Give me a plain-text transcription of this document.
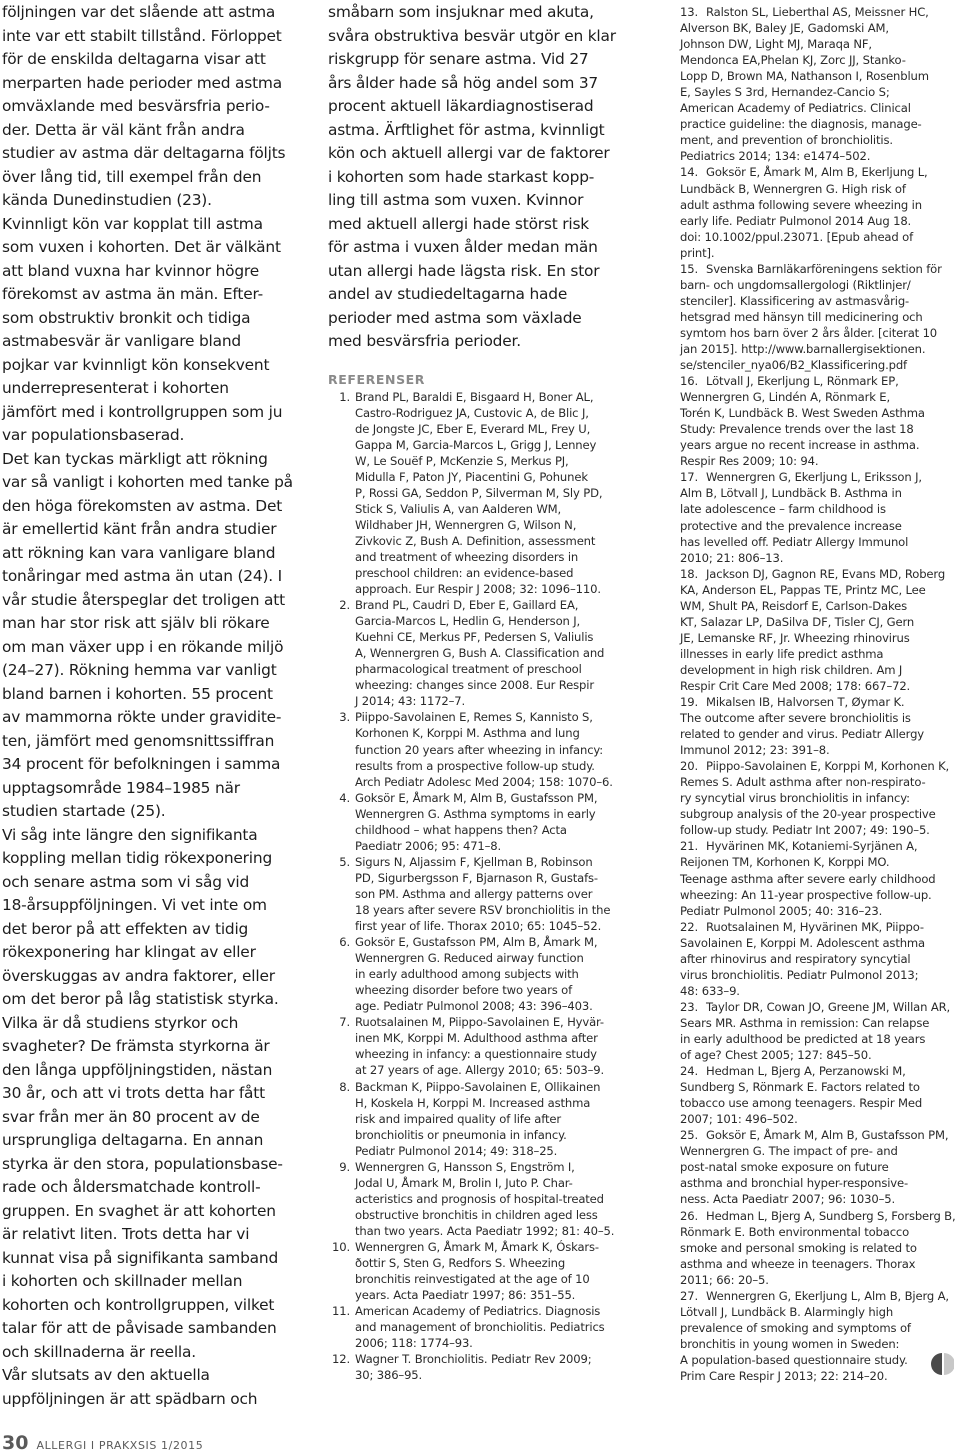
följningen var det slående att astma
inte var ett stabilt tillstånd. Förloppet
för de enskilda deltagarna visar att
merparten hade perioder med astma
omväxlande med besvärsfria perio-
der. Detta är väl känt från andra
studier av astma där deltagarna följts
över lång tid, till exempel från den
kända Dunedinstudien (23).
Kvinnligt kön var kopplat till astma
som vuxen i kohorten. Det är välkänt
att bland vuxna har kvinnor högre
förekomst av astma än män. Efter-
som obstruktiv bronkit och tidiga
astmabesvär är vanligare bland
pojkar var kvinnligt kön konsekvent
underrepresenterat i kohorten
jämfört med i kontrollgruppen som ju
var populationsbaserad.
Det kan tyckas märkligt att rökning
var så vanligt i kohorten med tanke på
den höga förekomsten av astma. Det
är emellertid känt från andra studier
att rökning kan vara vanligare bland
tonåringar med astma än utan (24). I
vår studie återspeglar det troligen att
man har stor risk att själv bli rökare
om man växer upp i en rökande miljö
(24–27). Rökning hemma var vanligt
bland barnen i kohorten. 55 procent
av mammorna rökte under gravidite-
ten, jämfört med genomsnittssiffran
34 procent för befolkningen i samma
upptagsområde 1984–1985 när
studien startade (25).
Vi såg inte längre den signifikanta
koppling mellan tidig rökexponering
och senare astma som vi såg vid
18-årsuppföljningen. Vi vet inte om
det beror på att effekten av tidig
rökexponering har klingat av eller
överskuggas av andra faktorer, eller
om det beror på låg statistisk styrka.
Vilka är då studiens styrkor och
svagheter? De främsta styrkorna är
den långa uppföljningstiden, nästan
30 år, och att vi trots detta har fått
svar från mer än 80 procent av de
ursprungliga deltagarna. En annan
styrka är den stora, populationsbase-
rade och åldersmatchade kontroll-
gruppen. En svaghet är att kohorten
är relativt liten. Trots detta har vi
kunnat visa på signifikanta samband
i kohorten och skillnader mellan
kohorten och kontrollgruppen, vilket
talar för att de påvisade sambanden
och skillnaderna är reella.
Vår slutsats av den aktuella
uppföljningen är att spädbarn och
småbarn som insjuknar med akuta,
svåra obstruktiva besvär utgör en klar
riskgrupp för senare astma. Vid 27
års ålder hade så hög andel som 37
procent aktuell läkardiagnostiserad
astma. Ärftlighet för astma, kvinnligt
kön och aktuell allergi var de faktorer
i kohorten som hade starkast kopp-
ling till astma som vuxen. Kvinnor
med aktuell allergi hade störst risk
för astma i vuxen ålder medan män
utan allergi hade lägsta risk. En stor
andel av studiedeltagarna hade
perioder med astma som växlade
med besvärsfria perioder.
REFERENSER
1. Brand PL, Baraldi E, Bisgaard H, Boner AL,
Castro-Rodriguez JA, Custovic A, de Blic J,
de Jongste JC, Eber E, Everard ML, Frey U,
Gappa M, Garcia-Marcos L, Grigg J, Lenney
W, Le Souëf P, McKenzie S, Merkus PJ,
Midulla F, Paton JY, Piacentini G, Pohunek
P, Rossi GA, Seddon P, Silverman M, Sly PD,
Stick S, Valiulis A, van Aalderen WM,
Wildhaber JH, Wennergren G, Wilson N,
Zivkovic Z, Bush A. Definition, assessment
and treatment of wheezing disorders in
preschool children: an evidence-based
approach. Eur Respir J 2008; 32: 1096–110.
2. Brand PL, Caudri D, Eber E, Gaillard EA,
Garcia-Marcos L, Hedlin G, Henderson J,
Kuehni CE, Merkus PF, Pedersen S, Valiulis
A, Wennergren G, Bush A. Classification and
pharmacological treatment of preschool
wheezing: changes since 2008. Eur Respir
J 2014; 43: 1172–7.
3. Piippo-Savolainen E, Remes S, Kannisto S,
Korhonen K, Korppi M. Asthma and lung
function 20 years after wheezing in infancy:
results from a prospective follow-up study.
Arch Pediatr Adolesc Med 2004; 158: 1070–6.
4. Goksör E, Åmark M, Alm B, Gustafsson PM,
Wennergren G. Asthma symptoms in early
childhood – what happens then? Acta
Paediatr 2006; 95: 471–8.
5. Sigurs N, Aljassim F, Kjellman B, Robinson
PD, Sigurbergsson F, Bjarnason R, Gustafs-
son PM. Asthma and allergy patterns over
18 years after severe RSV bronchiolitis in the
first year of life. Thorax 2010; 65: 1045–52.
6. Goksör E, Gustafsson PM, Alm B, Åmark M,
Wennergren G. Reduced airway function
in early adulthood among subjects with
wheezing disorder before two years of
age. Pediatr Pulmonol 2008; 43: 396–403.
7. Ruotsalainen M, Piippo-Savolainen E, Hyvär-
inen MK, Korppi M. Adulthood asthma after
wheezing in infancy: a questionnaire study
at 27 years of age. Allergy 2010; 65: 503–9.
8. Backman K, Piippo-Savolainen E, Ollikainen
H, Koskela H, Korppi M. Increased asthma
risk and impaired quality of life after
bronchiolitis or pneumonia in infancy.
Pediatr Pulmonol 2014; 49: 318–25.
9. Wennergren G, Hansson S, Engström I,
Jodal U, Åmark M, Brolin I, Juto P. Char-
acteristics and prognosis of hospital-treated
obstructive bronchitis in children aged less
than two years. Acta Paediatr 1992; 81: 40–5.
10. Wennergren G, Åmark M, Åmark K, Óskars-
ðottir S, Sten G, Redfors S. Wheezing
bronchitis reinvestigated at the age of 10
years. Acta Paediatr 1997; 86: 351–55.
11. American Academy of Pediatrics. Diagnosis
and management of bronchiolitis. Pediatrics
2006; 118: 1774–93.
12. Wagner T. Bronchiolitis. Pediatr Rev 2009;
30; 386–95.
13. Ralston SL, Lieberthal AS, Meissner HC,
Alverson BK, Baley JE, Gadomski AM,
Johnson DW, Light MJ, Maraqa NF,
Mendonca EA,Phelan KJ, Zorc JJ, Stanko-
Lopp D, Brown MA, Nathanson I, Rosenblum
E, Sayles S 3rd, Hernandez-Cancio S;
American Academy of Pediatrics. Clinical
practice guideline: the diagnosis, manage-
ment, and prevention of bronchiolitis.
Pediatrics 2014; 134: e1474–502.
14. Goksör E, Åmark M, Alm B, Ekerljung L,
Lundbäck B, Wennergren G. High risk of
adult asthma following severe wheezing in
early life. Pediatr Pulmonol 2014 Aug 18.
doi: 10.1002/ppul.23071. [Epub ahead of
print].
15. Svenska Barnläkarföreningens sektion för
barn- och ungdomsallergologi (Riktlinjer/
stenciler]. Klassificering av astmasvårig-
hetsgrad med hänsyn till medicinering och
symtom hos barn över 2 års ålder. [citerat 10
jan 2015]. http://www.barnallergisektionen.
se/stenciler_nya06/B2_Klassificering.pdf
16. Lötvall J, Ekerljung L, Rönmark EP,
Wennergren G, Lindén A, Rönmark E,
Torén K, Lundbäck B. West Sweden Asthma
Study: Prevalence trends over the last 18
years argue no recent increase in asthma.
Respir Res 2009; 10: 94.
17. Wennergren G, Ekerljung L, Eriksson J,
Alm B, Lötvall J, Lundbäck B. Asthma in
late adolescence – farm childhood is
protective and the prevalence increase
has levelled off. Pediatr Allergy Immunol
2010; 21: 806–13.
18. Jackson DJ, Gagnon RE, Evans MD, Roberg
KA, Anderson EL, Pappas TE, Printz MC, Lee
WM, Shult PA, Reisdorf E, Carlson-Dakes
KT, Salazar LP, DaSilva DF, Tisler CJ, Gern
JE, Lemanske RF, Jr. Wheezing rhinovirus
illnesses in early life predict asthma
development in high risk children. Am J
Respir Crit Care Med 2008; 178: 667–72.
19. Mikalsen IB, Halvorsen T, Øymar K.
The outcome after severe bronchiolitis is
related to gender and virus. Pediatr Allergy
Immunol 2012; 23: 391–8.
20. Piippo-Savolainen E, Korppi M, Korhonen K,
Remes S. Adult asthma after non-respirato-
ry syncytial virus bronchiolitis in infancy:
subgroup analysis of the 20-year prospective
follow-up study. Pediatr Int 2007; 49: 190–5.
21. Hyvärinen MK, Kotaniemi-Syrjänen A,
Reijonen TM, Korhonen K, Korppi MO.
Teenage asthma after severe early childhood
wheezing: An 11-year prospective follow-up.
Pediatr Pulmonol 2005; 40: 316–23.
22. Ruotsalainen M, Hyvärinen MK, Piippo-
Savolainen E, Korppi M. Adolescent asthma
after rhinovirus and respiratory syncytial
virus bronchiolitis. Pediatr Pulmonol 2013;
48: 633–9.
23. Taylor DR, Cowan JO, Greene JM, Willan AR,
Sears MR. Asthma in remission: Can relapse
in early adulthood be predicted at 18 years
of age? Chest 2005; 127: 845–50.
24. Hedman L, Bjerg A, Perzanowski M,
Sundberg S, Rönmark E. Factors related to
tobacco use among teenagers. Respir Med
2007; 101: 496–502.
25. Goksör E, Åmark M, Alm B, Gustafsson PM,
Wennergren G. The impact of pre- and
post-natal smoke exposure on future
asthma and bronchial hyper-responsive-
ness. Acta Paediatr 2007; 96: 1030–5.
26. Hedman L, Bjerg A, Sundberg S, Forsberg B,
Rönmark E. Both environmental tobacco
smoke and personal smoking is related to
asthma and wheeze in teenagers. Thorax
2011; 66: 20–5.
27. Wennergren G, Ekerljung L, Alm B, Bjerg A,
Lötvall J, Lundbäck B. Alarmingly high
prevalence of smoking and symptoms of
bronchitis in young women in Sweden:
A population-based questionnaire study.
Prim Care Respir J 2013; 22: 214–20.
30 ALLERGI I PRAKXSIS 1/2015
